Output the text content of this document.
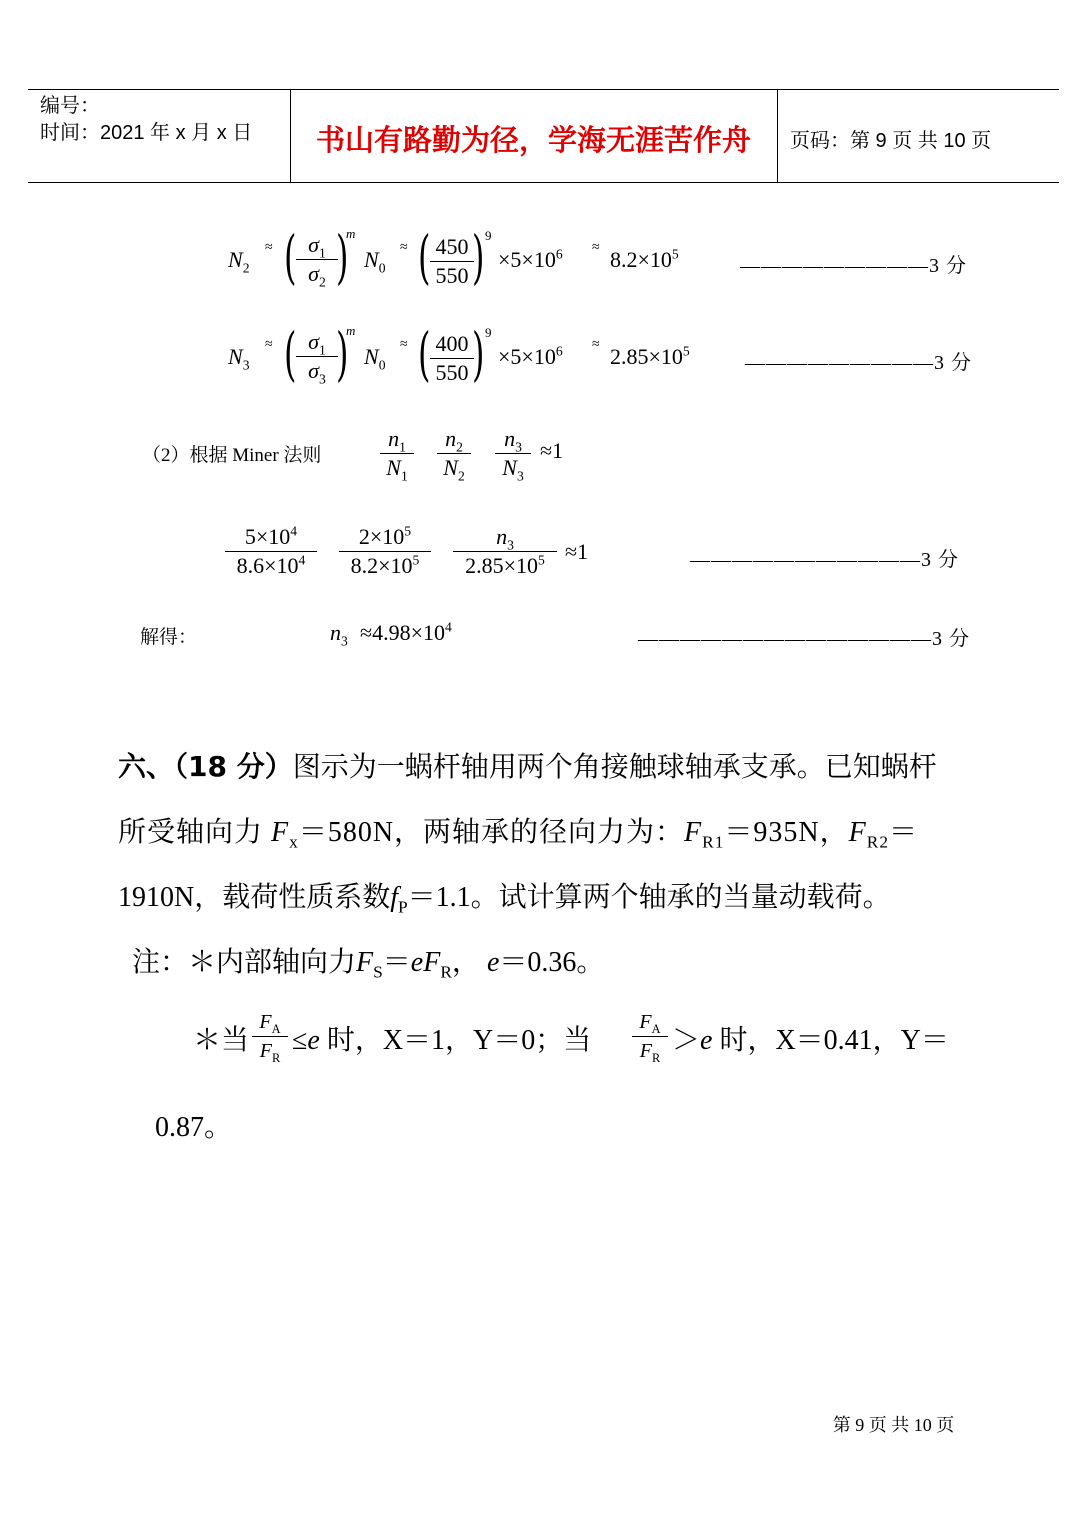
编号：
时间：2021 年 x 月 x 日	书山有路勤为径，学海无涯苦作舟	页码：第 9 页 共 10 页
$N_2$
≈ ( $\sigma_1$
$\sigma_2$ )
m
$N_0$
≈ ( 450
550 ) 9
$\times 5\times 10^6 \approx 8.2\times 10^5$
—————————3 分
$N_3$
≈ ( $\sigma_1$
$\sigma_3$ )
m
$N_0$
≈ ( 400
550 ) 9
$\times 5\times 10^6 \approx 2.85\times 10^5$
—————————3 分
（2）根据 Miner 法则
$n_1$
$N_1$
$n_2$
$N_2$
$n_3$
$N_3$
≈1
$5\times 10^4$
$8.6\times 10^4$
$2\times 10^5$
$8.2\times 10^5$
$n_3$
$2.85\times 10^5 \approx 1$	———————————3 分
解得：	$n_3 \approx 4.98\times 10^4$
——————————————3 分
六、（18 分）图示为一蜗杆轴用两个角接触球轴承支承。已知蜗杆
所受轴向力 $F_x=580N$，两轴承的径向力为：$F_{R1}=935N$，$F_{R2}=$
1910N，载荷性质系数$f_P=1.1$。试计算两个轴承的当量动载荷。
注：＊内部轴向力$F_S=eF_R$， e＝0.36。
＊当
$F_A$
$F_R$
≤e 时，X＝1，Y＝0；当
$F_A$
$F_R$
＞e 时，X＝0.41，Y＝
0.87。
第 9 页 共 10 页
